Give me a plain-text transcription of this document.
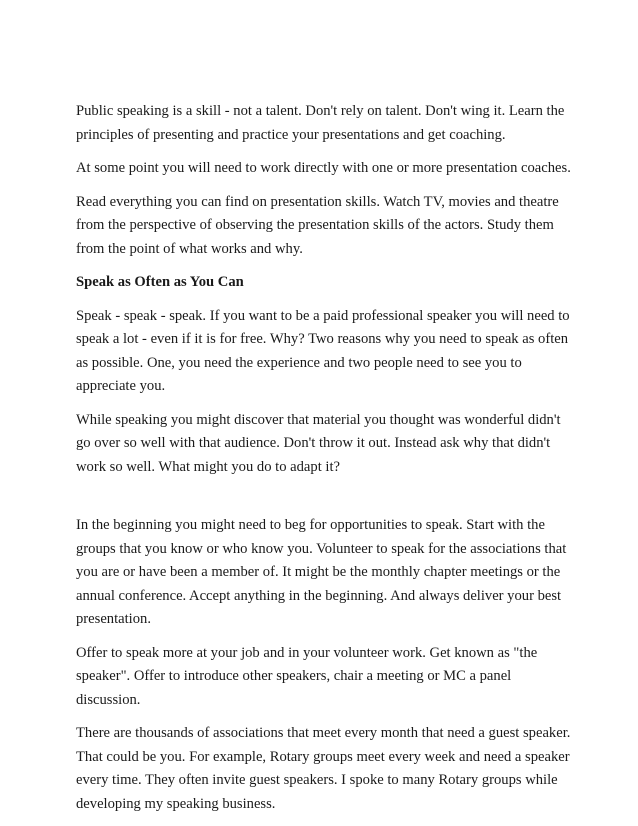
Public speaking is a skill - not a talent. Don't rely on talent. Don't wing it. Learn the principles of presenting and practice your presentations and get coaching.

At some point you will need to work directly with one or more presentation coaches.

Read everything you can find on presentation skills. Watch TV, movies and theatre from the perspective of observing the presentation skills of the actors. Study them from the point of what works and why.

Speak as Often as You Can

Speak - speak - speak. If you want to be a paid professional speaker you will need to speak a lot - even if it is for free. Why? Two reasons why you need to speak as often as possible. One, you need the experience and two people need to see you to appreciate you.

While speaking you might discover that material you thought was wonderful didn't go over so well with that audience. Don't throw it out. Instead ask why that didn't work so well. What might you do to adapt it?

In the beginning you might need to beg for opportunities to speak. Start with the groups that you know or who know you. Volunteer to speak for the associations that you are or have been a member of. It might be the monthly chapter meetings or the annual conference. Accept anything in the beginning. And always deliver your best presentation.

Offer to speak more at your job and in your volunteer work. Get known as "the speaker". Offer to introduce other speakers, chair a meeting or MC a panel discussion.

There are thousands of associations that meet every month that need a guest speaker. That could be you. For example, Rotary groups meet every week and need a speaker every time. They often invite guest speakers. I spoke to many Rotary groups while developing my speaking business.
